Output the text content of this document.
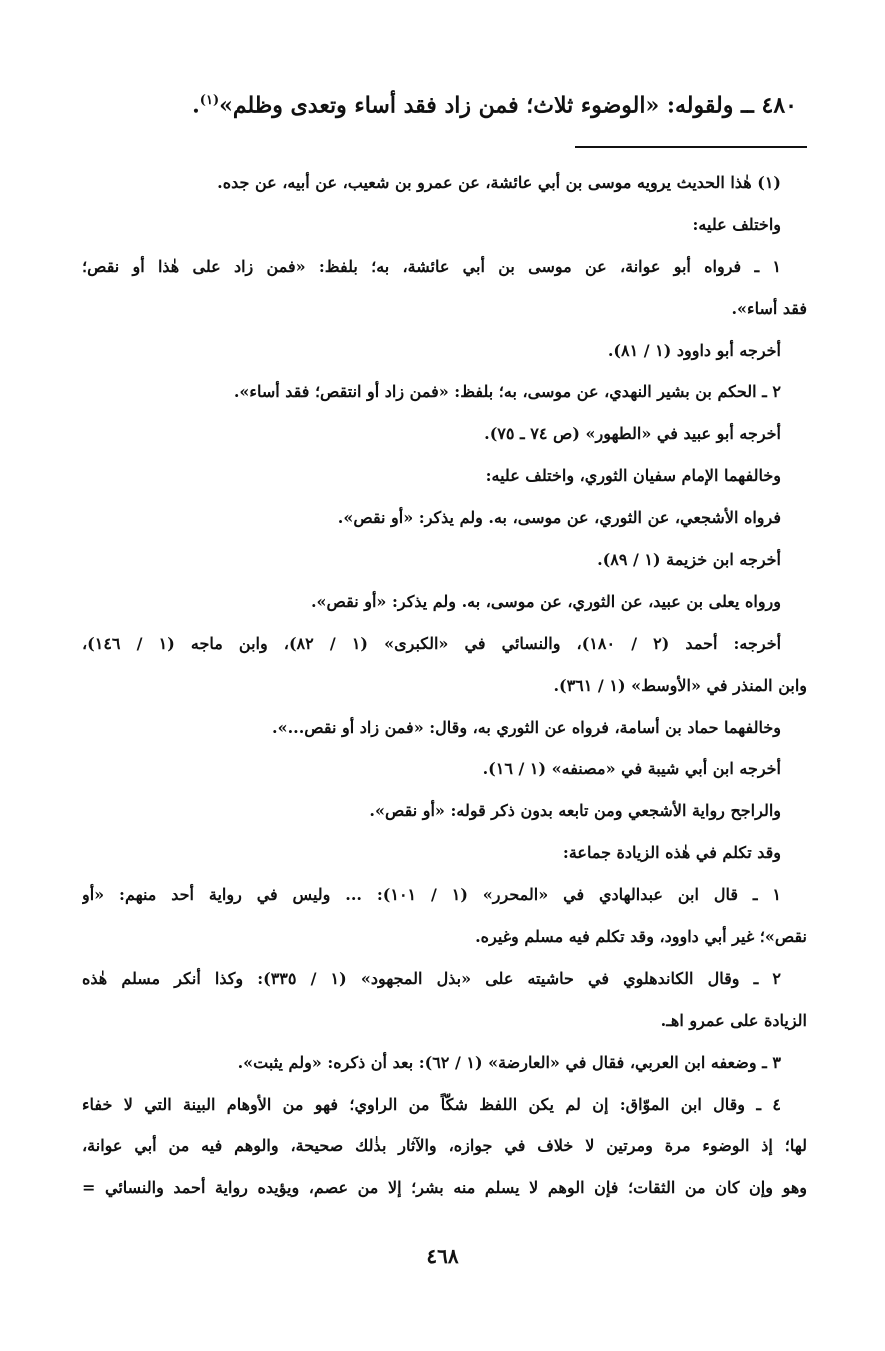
٤٨٠ ــ ولقوله: «الوضوء ثلاث؛ فمن زاد فقد أساء وتعدى وظلم»$^{(١)}$.
(١) هٰذا الحديث يرويه موسى بن أبي عائشة، عن عمرو بن شعيب، عن أبيه، عن جده.
واختلف عليه:
١ ـ فرواه أبو عوانة، عن موسى بن أبي عائشة، به؛ بلفظ: «فمن زاد على هٰذا أو نقص؛
فقد أساء».
أخرجه أبو داوود (١ / ٨١).
٢ ـ الحكم بن بشير النهدي، عن موسى، به؛ بلفظ: «فمن زاد أو انتقص؛ فقد أساء».
أخرجه أبو عبيد في «الطهور» (ص ٧٤ ـ ٧٥).
وخالفهما الإمام سفيان الثوري، واختلف عليه:
فرواه الأشجعي، عن الثوري، عن موسى، به. ولم يذكر: «أو نقص».
أخرجه ابن خزيمة (١ / ٨٩).
ورواه يعلى بن عبيد، عن الثوري، عن موسى، به. ولم يذكر: «أو نقص».
أخرجه: أحمد (٢ / ١٨٠)، والنسائي في «الكبرى» (١ / ٨٢)، وابن ماجه (١ / ١٤٦)،
وابن المنذر في «الأوسط» (١ / ٣٦١).
وخالفهما حماد بن أسامة، فرواه عن الثوري به، وقال: «فمن زاد أو نقص...».
أخرجه ابن أبي شيبة في «مصنفه» (١ / ١٦).
والراجح رواية الأشجعي ومن تابعه بدون ذكر قوله: «أو نقص».
وقد تكلم في هٰذه الزيادة جماعة:
١ ـ قال ابن عبدالهادي في «المحرر» (١ / ١٠١): ... وليس في رواية أحد منهم: «أو
نقص»؛ غير أبي داوود، وقد تكلم فيه مسلم وغيره.
٢ ـ وقال الكاندهلوي في حاشيته على «بذل المجهود» (١ / ٣٣٥): وكذا أنكر مسلم هٰذه
الزيادة على عمرو اهـ.
٣ ـ وضعفه ابن العربي، فقال في «العارضة» (١ / ٦٢): بعد أن ذكره: «ولم يثبت».
٤ ـ وقال ابن الموّاق: إن لم يكن اللفظ شكّاً من الراوي؛ فهو من الأوهام البينة التي لا خفاء
لها؛ إذ الوضوء مرة ومرتين لا خلاف في جوازه، والآثار بذٰلك صحيحة، والوهم فيه من أبي عوانة،
وهو وإن كان من الثقات؛ فإن الوهم لا يسلم منه بشر؛ إلا من عصم، ويؤيده رواية أحمد والنسائي =
٤٦٨
